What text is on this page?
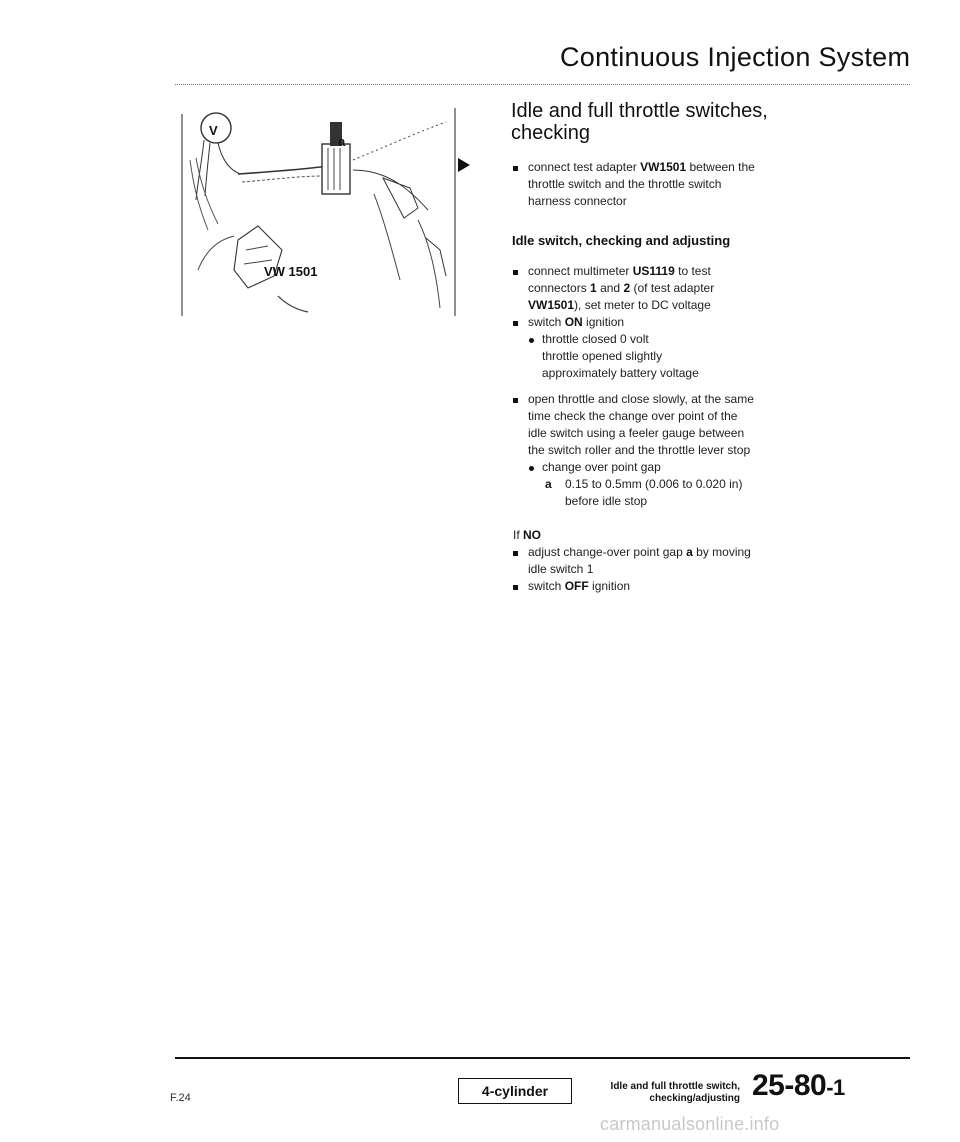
Continuous Injection System
V
a
VW 1501
Idle and full throttle switches,
checking
connect test adapter VW1501 between the
throttle switch and the throttle switch
harness connector
Idle switch, checking and adjusting
connect multimeter US1119 to test
connectors 1 and 2 (of test adapter
VW1501), set meter to DC voltage
switch ON ignition
throttle closed 0 volt
throttle opened slightly
approximately battery voltage
open throttle and close slowly, at the same
time check the change over point of the
idle switch using a feeler gauge between
the switch roller and the throttle lever stop
change over point gap
a 0.15 to 0.5mm (0.006 to 0.020 in)
before idle stop
If NO
adjust change-over point gap a by moving
idle switch 1
switch OFF ignition
F.24	4-cylinder	Idle and full throttle switch,
checking/adjusting 25-80-1
carmanualsonline.info
